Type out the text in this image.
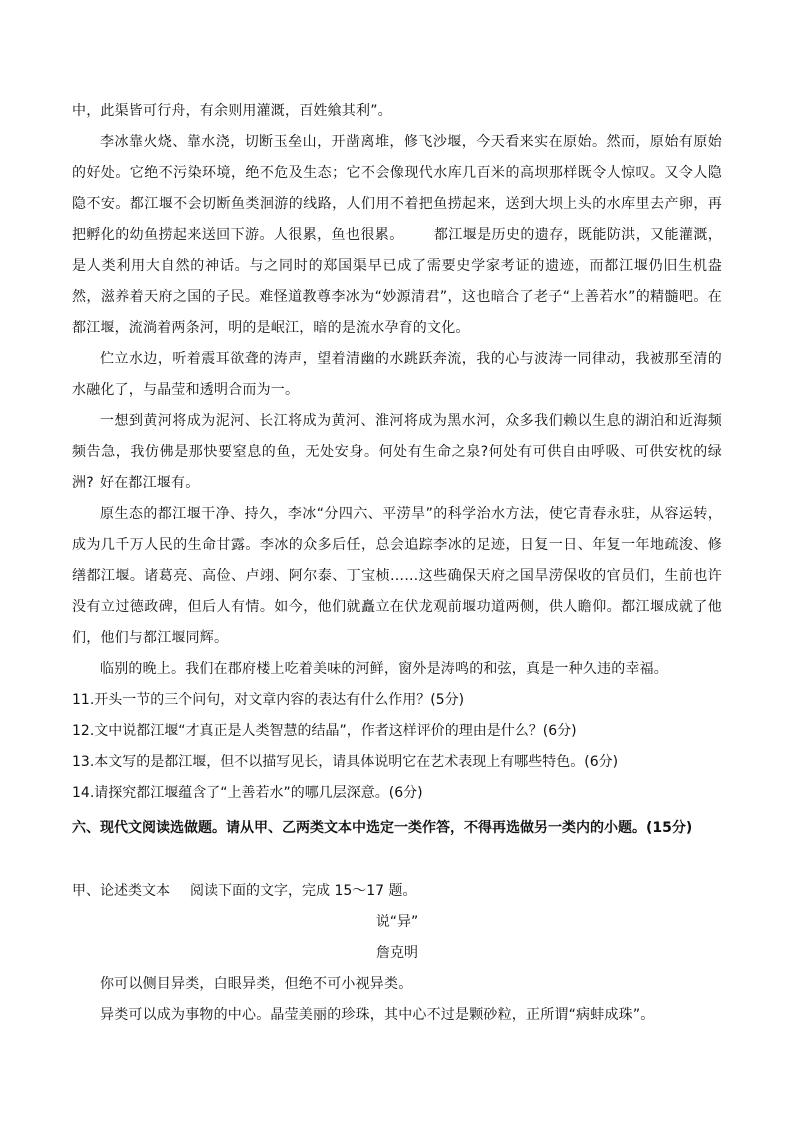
中，此渠皆可行舟，有余则用灌溉，百姓飨其利”。

李冰靠火烧、靠水浇，切断玉垒山，开凿离堆，修飞沙堰，今天看来实在原始。然而，原始有原始的好处。它绝不污染环境，绝不危及生态；它不会像现代水库几百米的高坝那样既令人惊叹。又令人隐隐不安。都江堰不会切断鱼类洄游的线路，人们用不着把鱼捞起来，送到大坝上头的水库里去产卵，再把孵化的幼鱼捞起来送回下游。人很累，鱼也很累。 都江堰是历史的遗存，既能防洪，又能灌溉，是人类利用大自然的神话。与之同时的郑国渠早已成了需要史学家考证的遗迹，而都江堰仍旧生机盎然，滋养着天府之国的子民。难怪道教尊李冰为“妙源清君”，这也暗合了老子“上善若水”的精髓吧。在都江堰，流淌着两条河，明的是岷江，暗的是流水孕育的文化。

伫立水边，听着震耳欲聋的涛声，望着清幽的水跳跃奔流，我的心与波涛一同律动，我被那至清的水融化了，与晶莹和透明合而为一。

一想到黄河将成为泥河、长江将成为黄河、淮河将成为黑水河，众多我们赖以生息的湖泊和近海频频告急，我仿佛是那快要窒息的鱼，无处安身。何处有生命之泉?何处有可供自由呼吸、可供安枕的绿洲? 好在都江堰有。

原生态的都江堰干净、持久，李冰“分四六、平涝旱”的科学治水方法，使它青春永驻，从容运转，成为几千万人民的生命甘露。李冰的众多后任，总会追踪李冰的足迹，日复一日、年复一年地疏浚、修缮都江堰。诸葛亮、高俭、卢翊、阿尔泰、丁宝桢……这些确保天府之国旱涝保收的官员们，生前也许没有立过德政碑，但后人有情。如今，他们就矗立在伏龙观前堰功道两侧，供人瞻仰。都江堰成就了他们，他们与都江堰同辉。

临别的晚上。我们在郡府楼上吃着美味的河鲜，窗外是涛鸣的和弦，真是一种久违的幸福。

11.开头一节的三个问句，对文章内容的表达有什么作用？(5分)

12.文中说都江堰“才真正是人类智慧的结晶”，作者这样评价的理由是什么？(6分)

13.本文写的是都江堰，但不以描写见长，请具体说明它在艺术表现上有哪些特色。(6分)

14.请探究都江堰蕴含了“上善若水”的哪几层深意。(6分)

六、现代文阅读选做题。请从甲、乙两类文本中选定一类作答，不得再选做另一类内的小题。(15分)

甲、论述类文本 阅读下面的文字，完成 15～17 题。

说“异”

詹克明

你可以侧目异类，白眼异类，但绝不可小视异类。

异类可以成为事物的中心。晶莹美丽的珍珠，其中心不过是颗砂粒，正所谓“病蚌成珠”。
